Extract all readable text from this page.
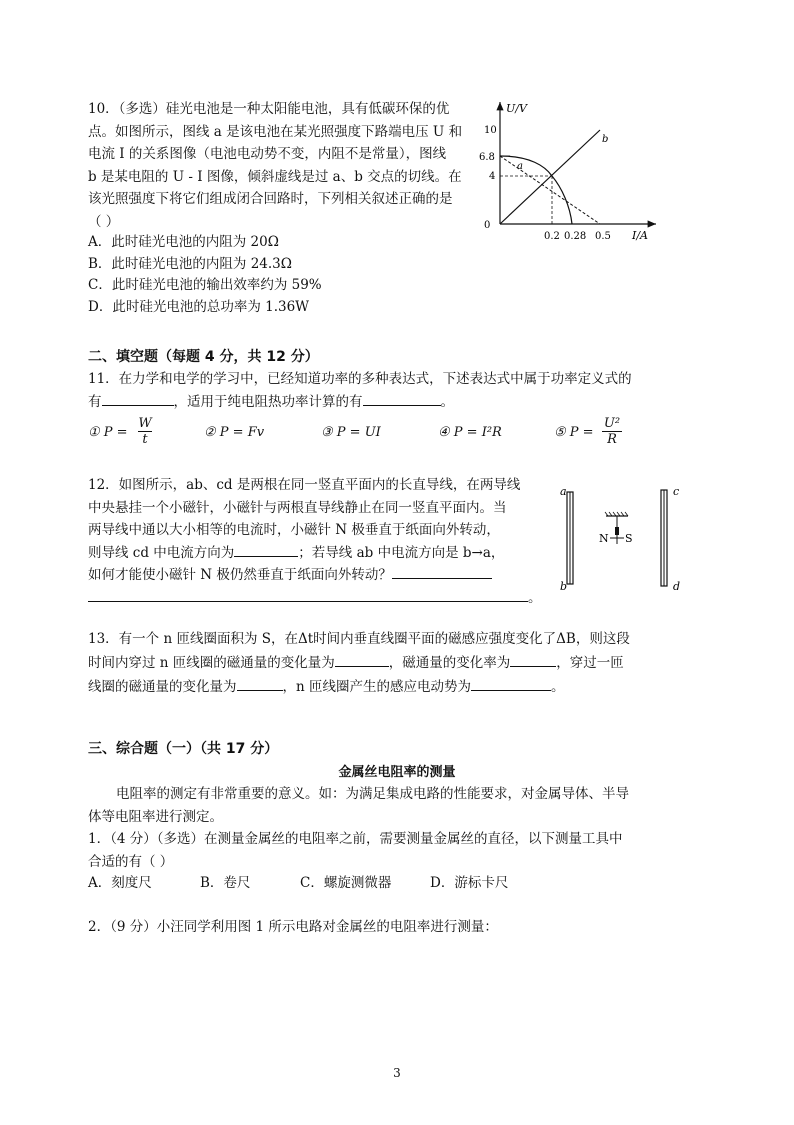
10．（多选）硅光电池是一种太阳能电池，具有低碳环保的优
点。如图所示，图线 a 是该电池在某光照强度下路端电压 U 和
电流 I 的关系图像（电池电动势不变，内阻不是常量），图线
b 是某电阻的 U - I 图像，倾斜虚线是过 a、b 交点的切线。在
该光照强度下将它们组成闭合回路时，下列相关叙述正确的是
（ ）
A．此时硅光电池的内阻为 20Ω
B．此时硅光电池的内阻为 24.3Ω
C．此时硅光电池的输出效率约为 59%
D．此时硅光电池的总功率为 1.36W
U/V
I/A
0
10
6.8
4
0.2 0.28 0.5
b
a
二、填空题（每题 4 分，共 12 分）
11．在力学和电学的学习中，已经知道功率的多种表达式，下述表达式中属于功率定义式的
有	，适用于纯电阻热功率计算的有	。
① P =
W
t	② P = Fv	③ P = UI	④ P = I²R	⑤ P =
U²
R
12．如图所示，ab、cd 是两根在同一竖直平面内的长直导线，在两导线
中央悬挂一个小磁针，小磁针与两根直导线静止在同一竖直平面内。当
两导线中通以大小相等的电流时，小磁针 N 极垂直于纸面向外转动，
则导线 cd 中电流方向为	；若导线 ab 中电流方向是 b→a，
如何才能使小磁针 N 极仍然垂直于纸面向外转动？
。
a
b
c
d
N S
13．有一个 n 匝线圈面积为 S，在Δt时间内垂直线圈平面的磁感应强度变化了ΔB，则这段
时间内穿过 n 匝线圈的磁通量的变化量为	，磁通量的变化率为	，穿过一匝
线圈的磁通量的变化量为	，n 匝线圈产生的感应电动势为	。
三、综合题（一）（共 17 分）
金属丝电阻率的测量
电阻率的测定有非常重要的意义。如：为满足集成电路的性能要求，对金属导体、半导
体等电阻率进行测定。
1．（4 分）（多选）在测量金属丝的电阻率之前，需要测量金属丝的直径，以下测量工具中
合适的有（ ）
A．刻度尺	B．卷尺	C．螺旋测微器	D．游标卡尺
2．（9 分）小汪同学利用图 1 所示电路对金属丝的电阻率进行测量：
3
